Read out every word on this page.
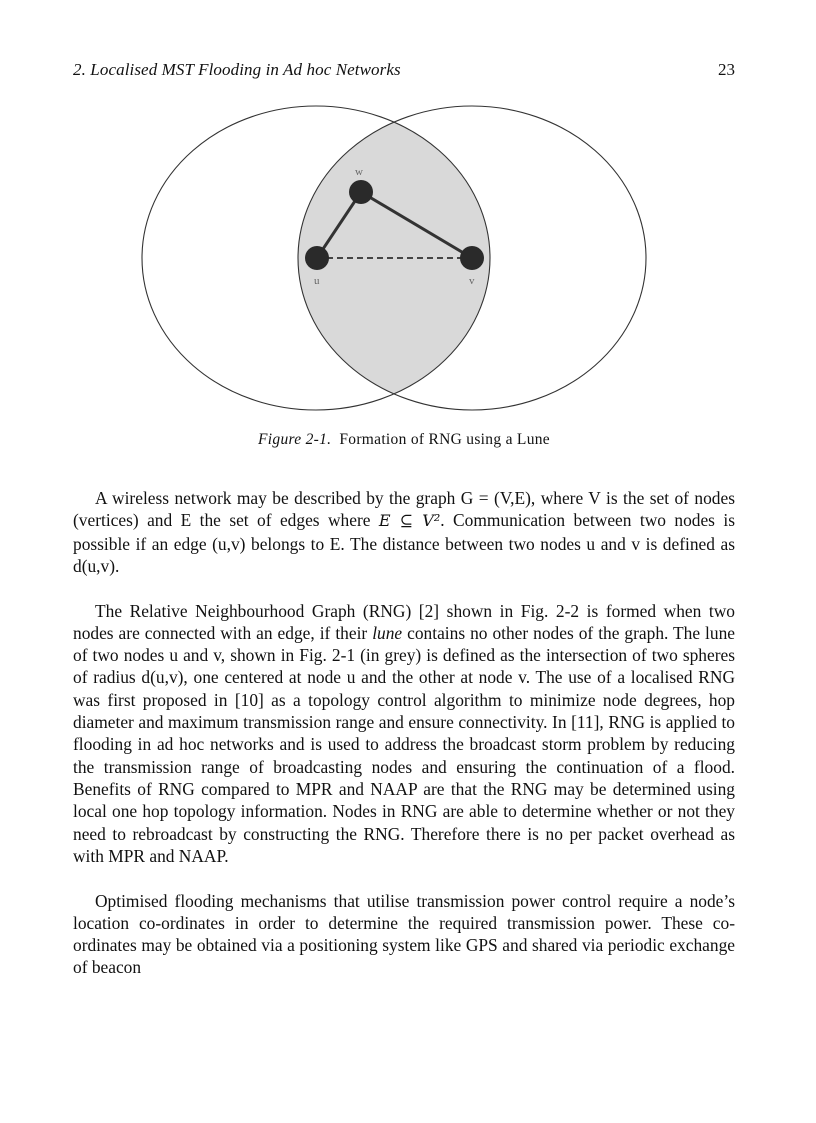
2. Localised MST Flooding in Ad hoc Networks	23
w
u	v
Figure 2-1. Formation of RNG using a Lune

A wireless network may be described by the graph G = (V,E), where V is the set of nodes (vertices) and E the set of edges where E ⊆ V². Communication between two nodes is possible if an edge (u,v) belongs to E. The distance between two nodes u and v is defined as d(u,v).

The Relative Neighbourhood Graph (RNG) [2] shown in Fig. 2-2 is formed when two nodes are connected with an edge, if their lune contains no other nodes of the graph. The lune of two nodes u and v, shown in Fig. 2-1 (in grey) is defined as the intersection of two spheres of radius d(u,v), one centered at node u and the other at node v. The use of a localised RNG was first proposed in [10] as a topology control algorithm to minimize node degrees, hop diameter and maximum transmission range and ensure connectivity. In [11], RNG is applied to flooding in ad hoc networks and is used to address the broadcast storm problem by reducing the transmission range of broadcasting nodes and ensuring the continuation of a flood. Benefits of RNG compared to MPR and NAAP are that the RNG may be determined using local one hop topology information. Nodes in RNG are able to determine whether or not they need to rebroadcast by constructing the RNG. Therefore there is no per packet overhead as with MPR and NAAP.

Optimised flooding mechanisms that utilise transmission power control require a node’s location co-ordinates in order to determine the required transmission power. These co-ordinates may be obtained via a positioning system like GPS and shared via periodic exchange of beacon
